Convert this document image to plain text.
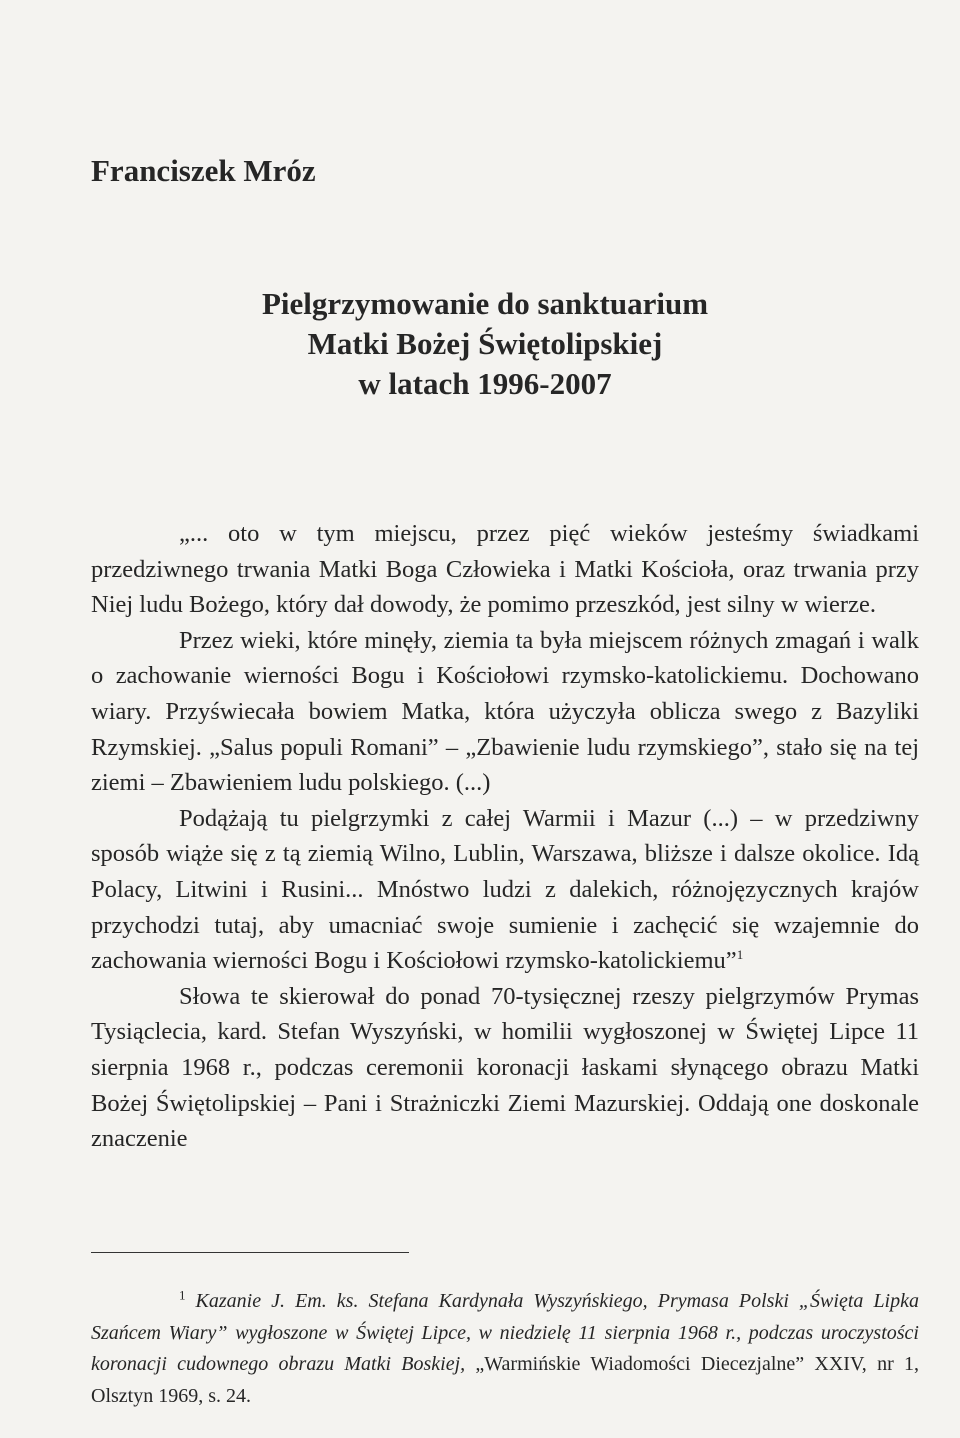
Franciszek Mróz
Pielgrzymowanie do sanktuarium
Matki Bożej Świętolipskiej
w latach 1996-2007

„... oto w tym miejscu, przez pięć wieków jesteśmy świadkami przedziwnego trwania Matki Boga Człowieka i Matki Kościoła, oraz trwania przy Niej ludu Bożego, który dał dowody, że pomimo przeszkód, jest silny w wierze.

Przez wieki, które minęły, ziemia ta była miejscem różnych zmagań i walk o zachowanie wierności Bogu i Kościołowi rzymsko-katolickiemu. Dochowano wiary. Przyświecała bowiem Matka, która użyczyła oblicza swego z Bazyliki Rzymskiej. „Salus populi Romani” – „Zbawienie ludu rzymskiego”, stało się na tej ziemi – Zbawieniem ludu polskiego. (...)

Podążają tu pielgrzymki z całej Warmii i Mazur (...) – w przedziwny sposób wiąże się z tą ziemią Wilno, Lublin, Warszawa, bliższe i dalsze okolice. Idą Polacy, Litwini i Rusini... Mnóstwo ludzi z dalekich, różnojęzycznych krajów przychodzi tutaj, aby umacniać swoje sumienie i zachęcić się wzajemnie do zachowania wierności Bogu i Kościołowi rzymsko-katolickiemu”$^1$

Słowa te skierował do ponad 70-tysięcznej rzeszy pielgrzymów Prymas Tysiąclecia, kard. Stefan Wyszyński, w homilii wygłoszonej w Świętej Lipce 11 sierpnia 1968 r., podczas ceremonii koronacji łaskami słynącego obrazu Matki Bożej Świętolipskiej – Pani i Strażniczki Ziemi Mazurskiej. Oddają one doskonale znaczenie

$^1$ Kazanie J. Em. ks. Stefana Kardynała Wyszyńskiego, Prymasa Polski „Święta Lipka Szańcem Wiary” wygłoszone w Świętej Lipce, w niedzielę 11 sierpnia 1968 r., podczas uroczystości koronacji cudownego obrazu Matki Boskiej, „Warmińskie Wiadomości Diecezjalne” XXIV, nr 1, Olsztyn 1969, s. 24.
